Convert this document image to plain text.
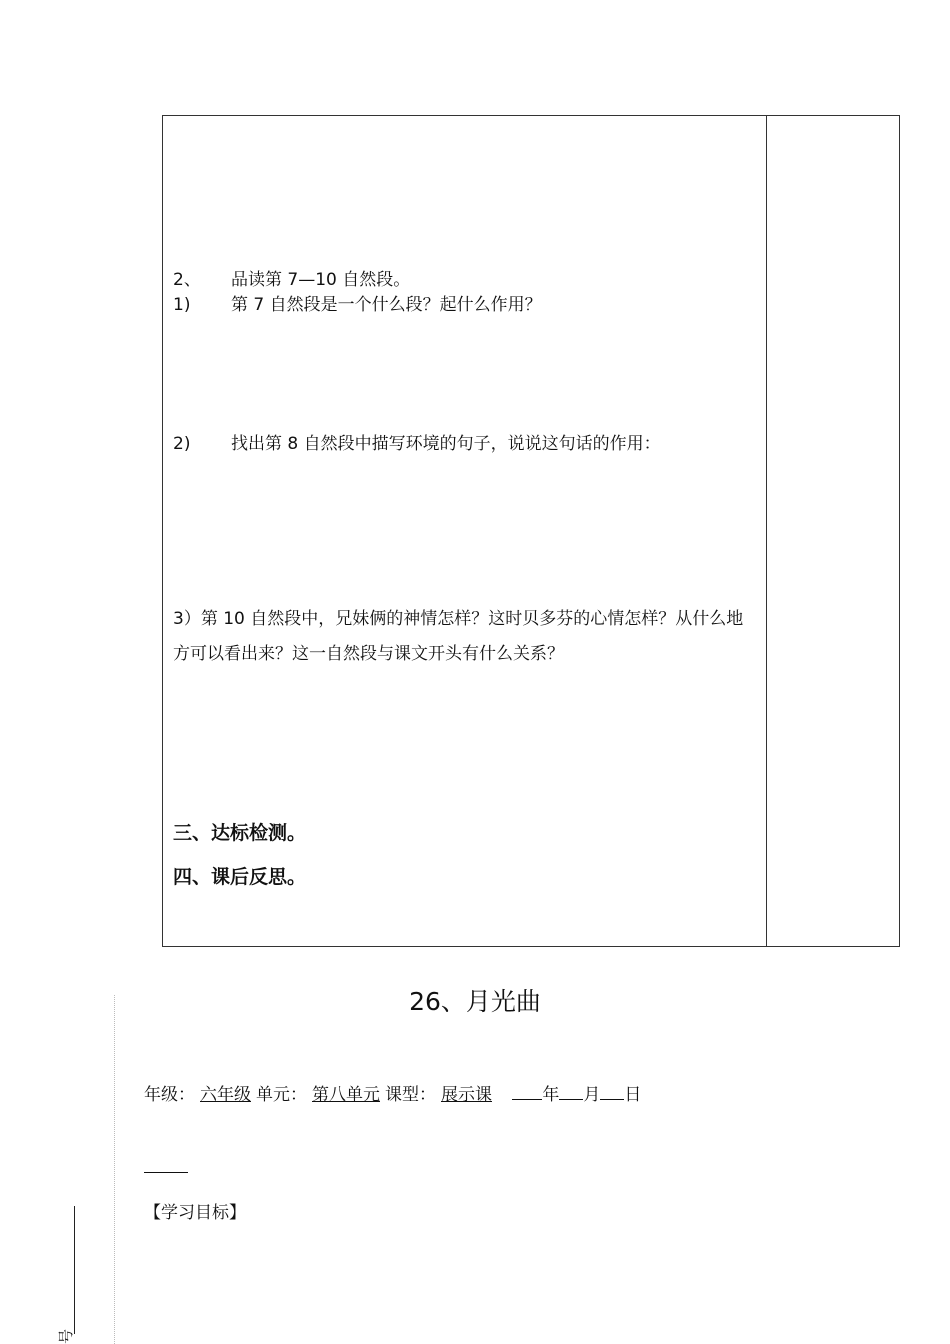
2、 品读第 7—10 自然段。
1) 第 7 自然段是一个什么段？起什么作用？
2) 找出第 8 自然段中描写环境的句子，说说这句话的作用：
3）第 10 自然段中，兄妹俩的神情怎样？这时贝多芬的心情怎样？从什么地方可以看出来？这一自然段与课文开头有什么关系？
三、达标检测。
四、课后反思。
26、月光曲
年级： 六年级 单元： 第八单元 课型： 展示课	年 月 日
【学习目标】
号
